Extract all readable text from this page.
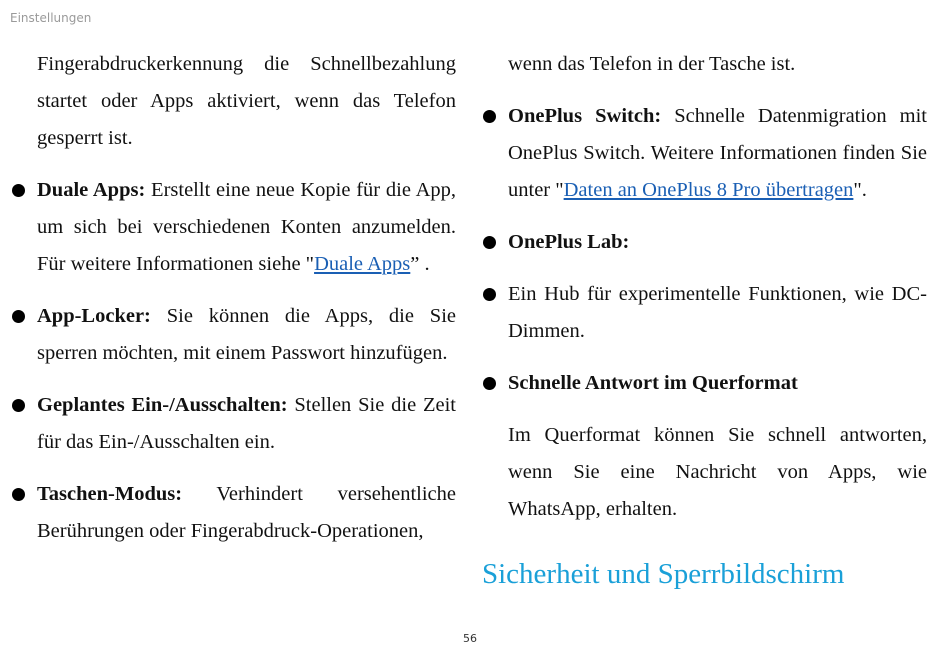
Einstellungen

Fingerabdruckerkennung die Schnellbezahlung startet oder Apps aktiviert, wenn das Telefon gesperrt ist.

Duale Apps: Erstellt eine neue Kopie für die App, um sich bei verschiedenen Konten anzumelden. Für weitere Informationen siehe "Duale Apps” .

App-Locker: Sie können die Apps, die Sie sperren möchten, mit einem Passwort hinzufügen.

Geplantes Ein-/Ausschalten: Stellen Sie die Zeit für das Ein-/Ausschalten ein.

Taschen-Modus: Verhindert versehentliche Berührungen oder Fingerabdruck-Operationen,

wenn das Telefon in der Tasche ist.

OnePlus Switch: Schnelle Datenmigration mit OnePlus Switch. Weitere Informationen finden Sie unter "Daten an OnePlus 8 Pro übertragen".

OnePlus Lab:

Ein Hub für experimentelle Funktionen, wie DC-Dimmen.

Schnelle Antwort im Querformat

Im Querformat können Sie schnell antworten, wenn Sie eine Nachricht von Apps, wie WhatsApp, erhalten.

Sicherheit und Sperrbildschirm
56
